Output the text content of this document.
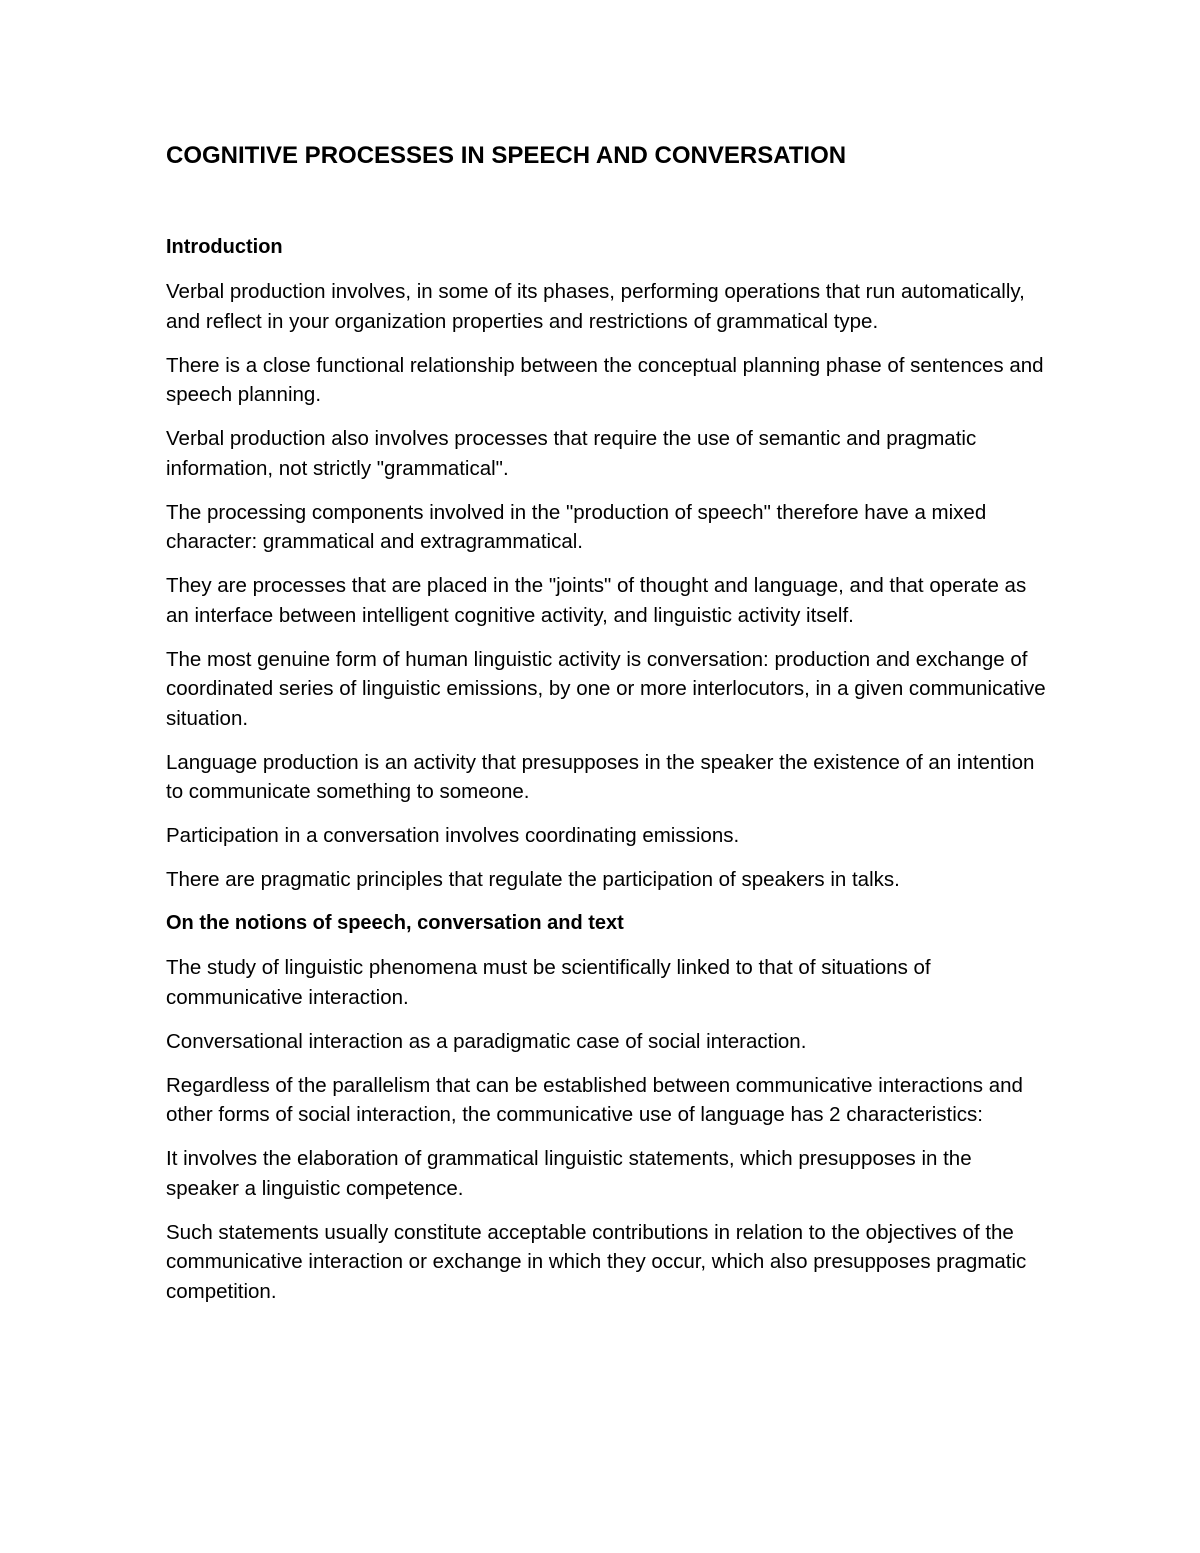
COGNITIVE PROCESSES IN SPEECH AND CONVERSATION
Introduction

Verbal production involves, in some of its phases, performing operations that run automatically, and reflect in your organization properties and restrictions of grammatical type.

There is a close functional relationship between the conceptual planning phase of sentences and speech planning.

Verbal production also involves processes that require the use of semantic and pragmatic information, not strictly "grammatical".

The processing components involved in the "production of speech" therefore have a mixed character: grammatical and extragrammatical.

They are processes that are placed in the "joints" of thought and language, and that operate as an interface between intelligent cognitive activity, and linguistic activity itself.

The most genuine form of human linguistic activity is conversation: production and exchange of coordinated series of linguistic emissions, by one or more interlocutors, in a given communicative situation.

Language production is an activity that presupposes in the speaker the existence of an intention to communicate something to someone.

Participation in a conversation involves coordinating emissions.

There are pragmatic principles that regulate the participation of speakers in talks.

On the notions of speech, conversation and text

The study of linguistic phenomena must be scientifically linked to that of situations of communicative interaction.

Conversational interaction as a paradigmatic case of social interaction.

Regardless of the parallelism that can be established between communicative interactions and other forms of social interaction, the communicative use of language has 2 characteristics:

It involves the elaboration of grammatical linguistic statements, which presupposes in the speaker a linguistic competence.

Such statements usually constitute acceptable contributions in relation to the objectives of the communicative interaction or exchange in which they occur, which also presupposes pragmatic competition.
